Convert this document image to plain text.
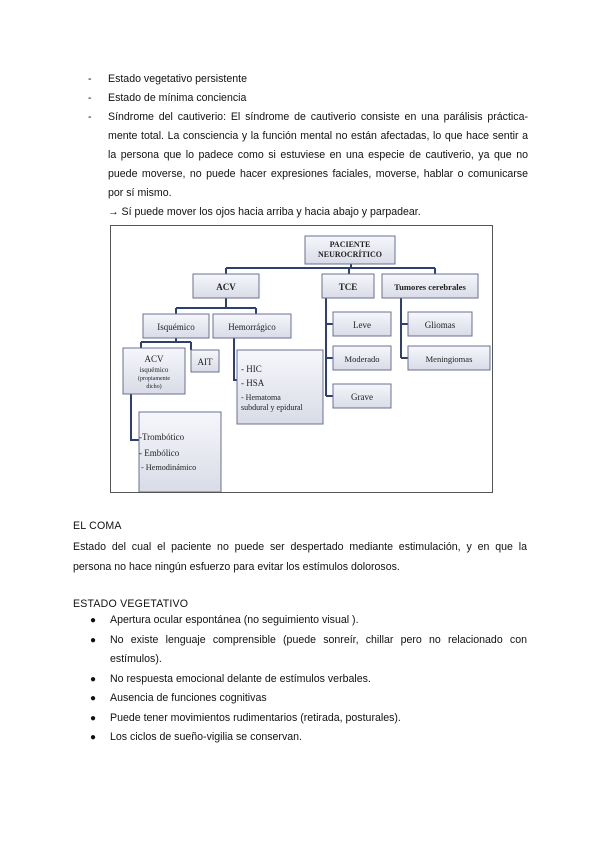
- Estado vegetativo persistente
- Estado de mínima conciencia
- Síndrome del cautiverio: El síndrome de cautiverio consiste en una parálisis prácticamente total. La consciencia y la función mental no están afectadas, lo que hace sentir a la persona que lo padece como si estuviese en una especie de cautiverio, ya que no puede moverse, no puede hacer expresiones faciales, moverse, hablar o comunicarse por sí mismo.
→ Sí puede mover los ojos hacia arriba y hacia abajo y parpadear.
PACIENTE
NEUROCRÍTICO
ACV	TCE	Tumores cerebrales
Isquémico	Hemorrágico
ACV
isquémico
(propiamente
dicho)
AIT
- HIC
- HSA
- Hematoma
subdural y epidural
Leve
Moderado
Grave
Gliomas
Meningiomas
-Trombótico
- Embólico
- Hemodinámico
EL COMA
Estado del cual el paciente no puede ser despertado mediante estimulación, y en que la persona no hace ningún esfuerzo para evitar los estímulos dolorosos.
ESTADO VEGETATIVO
● Apertura ocular espontánea (no seguimiento visual ).
● No existe lenguaje comprensible (puede sonreír, chillar pero no relacionado con estímulos).
● No respuesta emocional delante de estímulos verbales.
● Ausencia de funciones cognitivas
● Puede tener movimientos rudimentarios (retirada, posturales).
● Los ciclos de sueño-vigilia se conservan.
